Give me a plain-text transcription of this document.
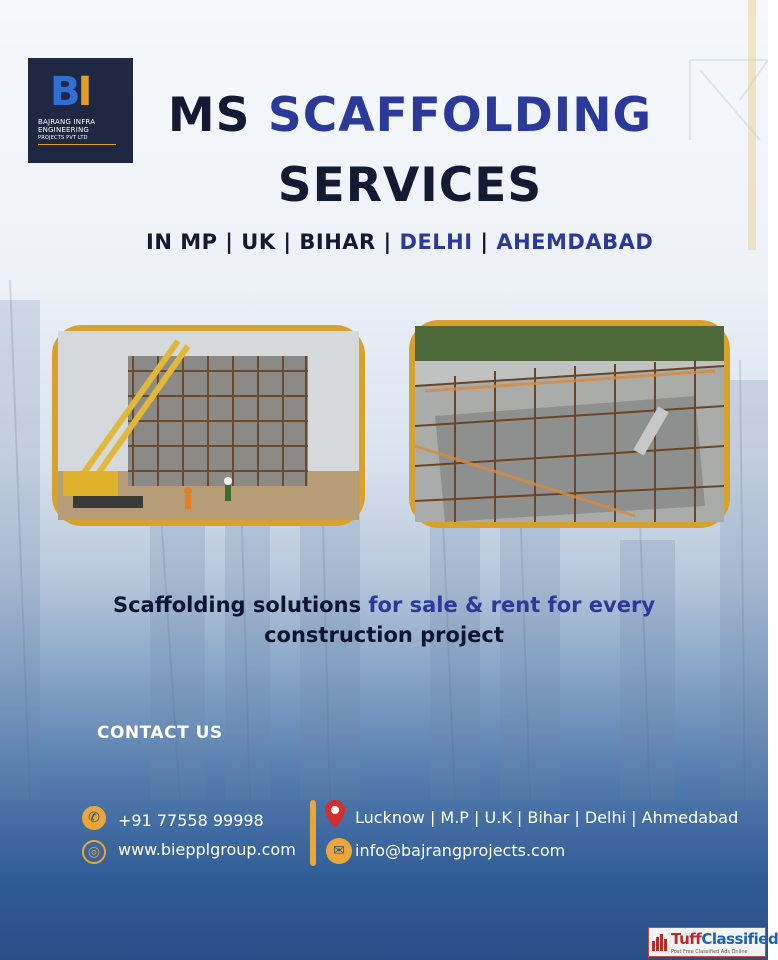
BI
BAJRANG INFRA
ENGINEERING
PROJECTS PVT LTD	MS SCAFFOLDING
SERVICES
IN MP | UK | BIHAR | DELHI | AHEMDABAD
Scaffolding solutions for sale & rent for every
construction project
CONTACT US
✆	+91 77558 99998
◎	www.biepplgroup.com
Lucknow | M.P | U.K | Bihar | Delhi | Ahmedabad
✉ info@bajrangprojects.com
TuffClassified
Post Free Classified Ads Online
